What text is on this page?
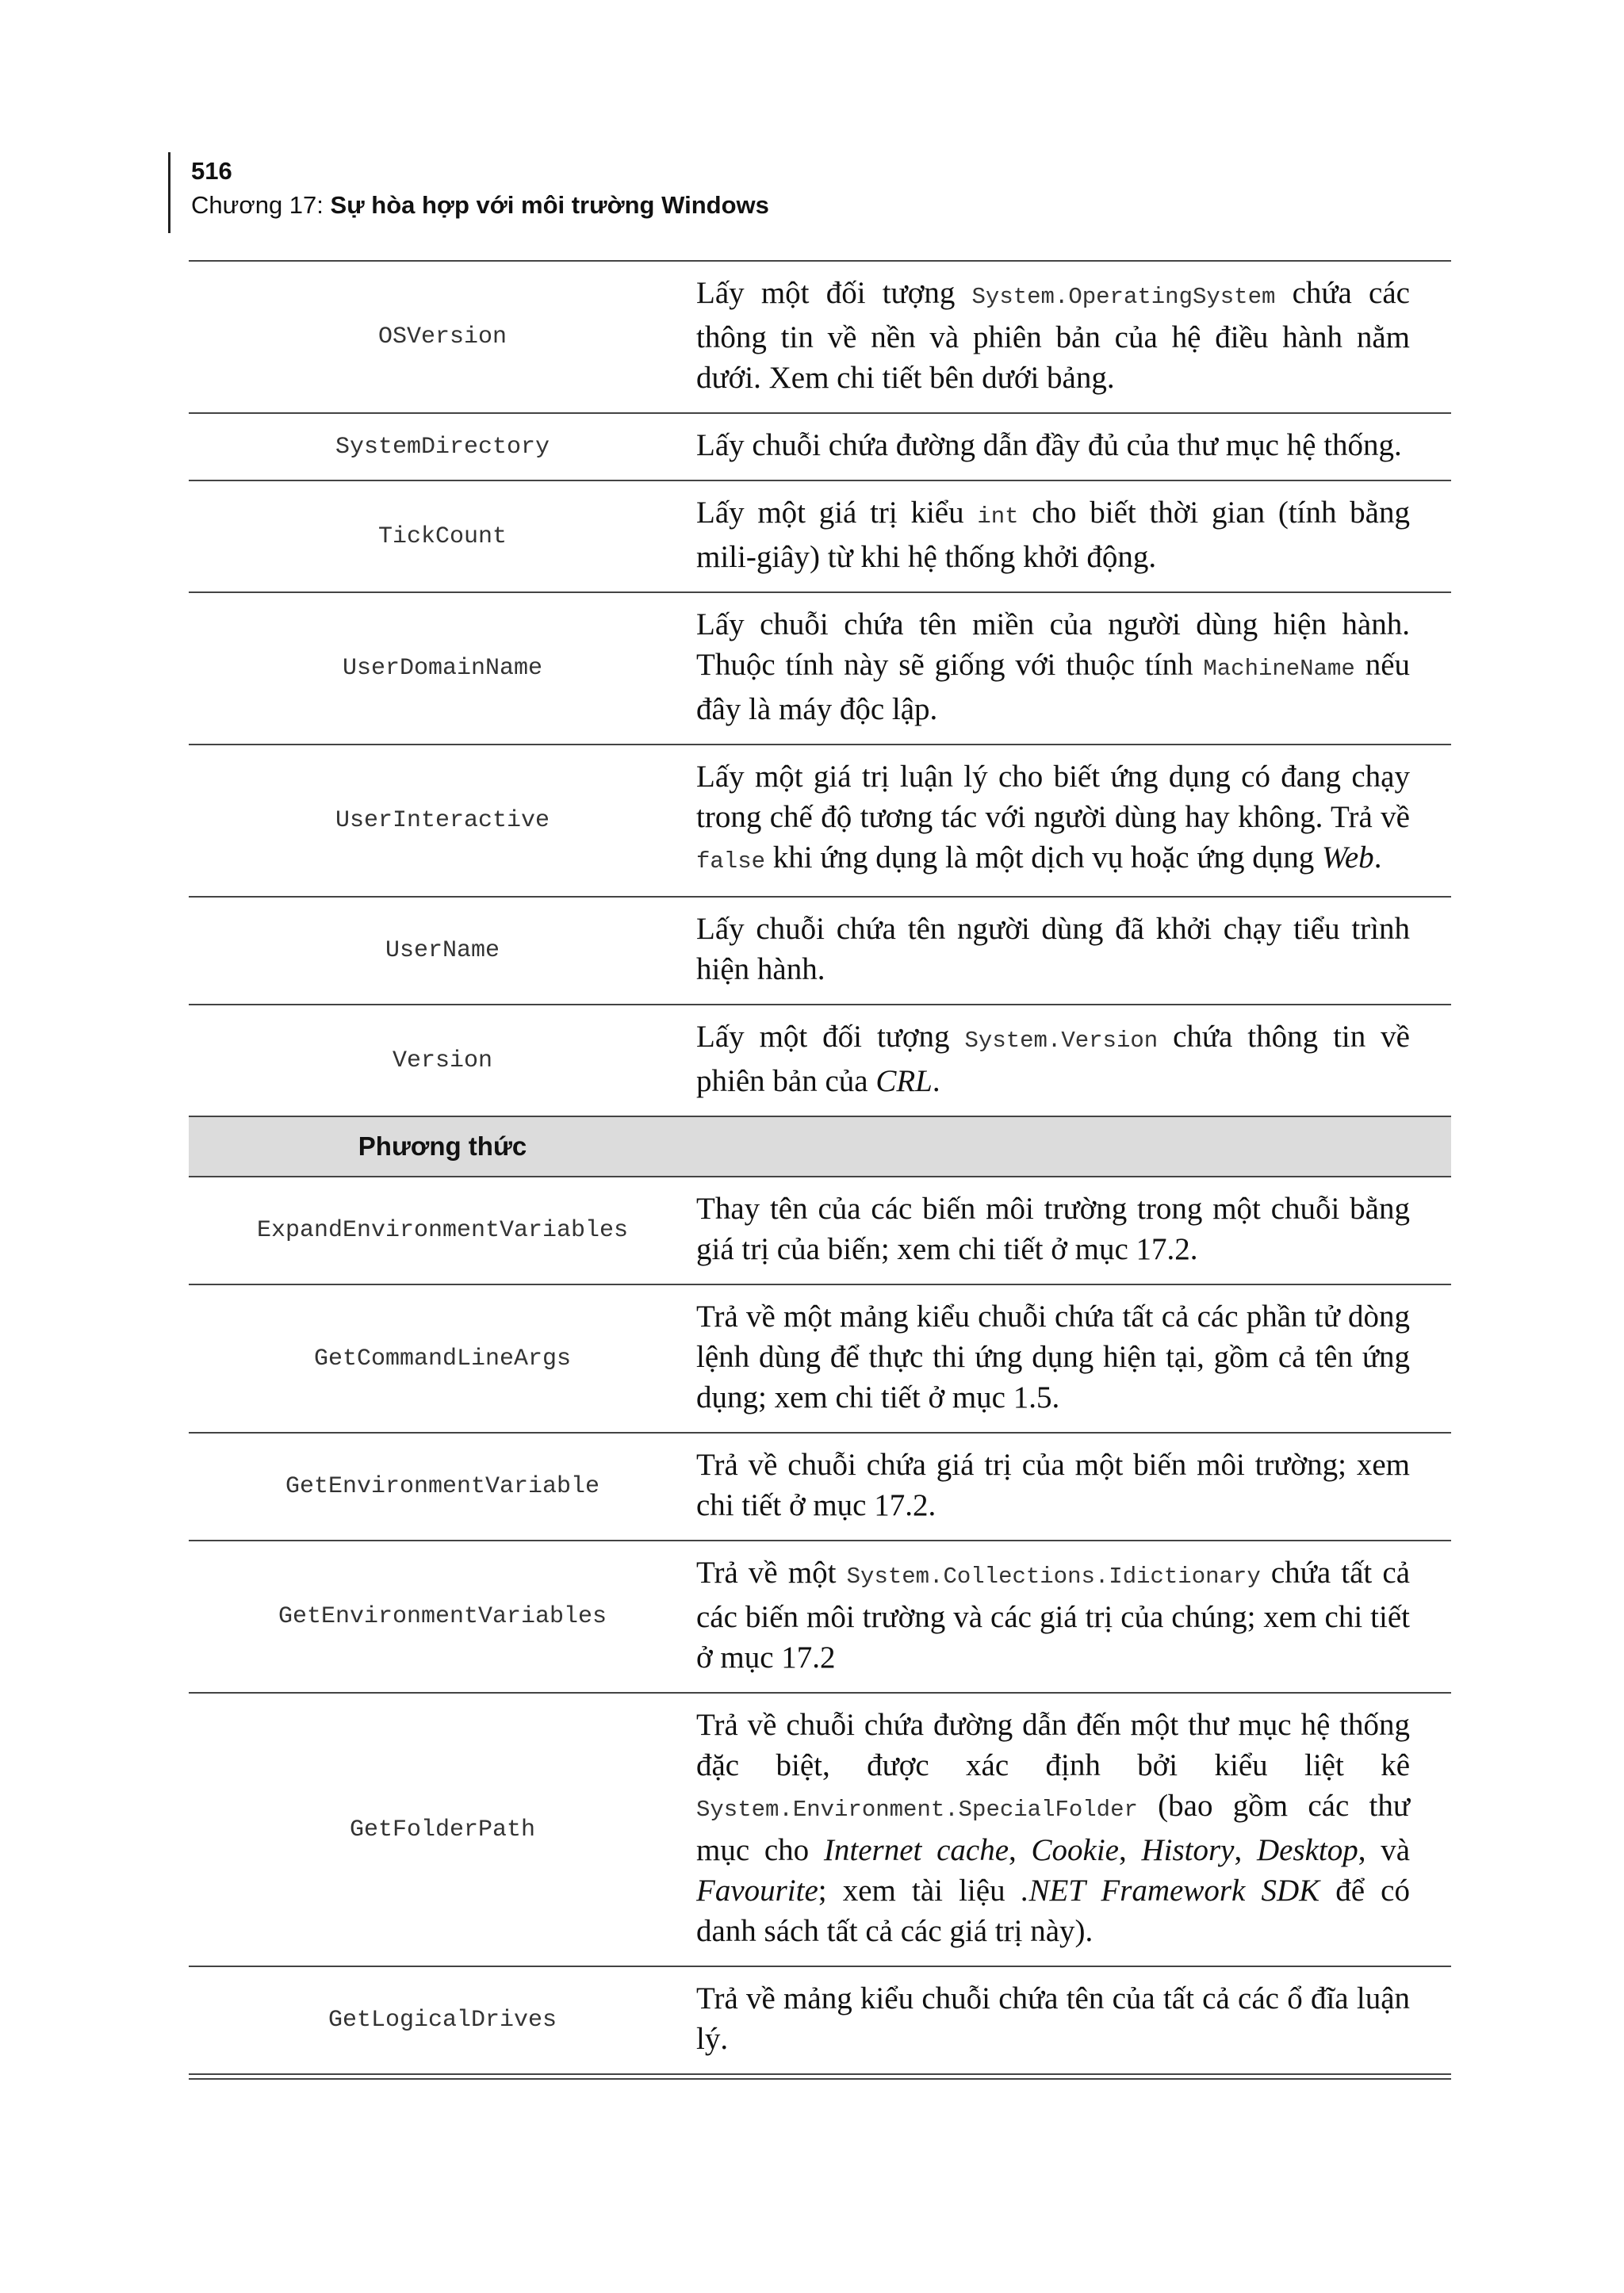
516
Chương 17: Sự hòa hợp với môi trường Windows
OSVersion
Lấy một đối tượng System.OperatingSystem chứa các thông tin về nền và phiên bản của hệ điều hành nằm dưới. Xem chi tiết bên dưới bảng.
SystemDirectory	Lấy chuỗi chứa đường dẫn đầy đủ của thư mục hệ thống.
TickCount
Lấy một giá trị kiểu int cho biết thời gian (tính bằng mili-giây) từ khi hệ thống khởi động.
UserDomainName
Lấy chuỗi chứa tên miền của người dùng hiện hành. Thuộc tính này sẽ giống với thuộc tính MachineName nếu đây là máy độc lập.
UserInteractive
Lấy một giá trị luận lý cho biết ứng dụng có đang chạy trong chế độ tương tác với người dùng hay không. Trả về false khi ứng dụng là một dịch vụ hoặc ứng dụng Web.
UserName
Lấy chuỗi chứa tên người dùng đã khởi chạy tiểu trình hiện hành.
Version
Lấy một đối tượng System.Version chứa thông tin về phiên bản của CRL.
Phương thức
ExpandEnvironmentVariables
Thay tên của các biến môi trường trong một chuỗi bằng giá trị của biến; xem chi tiết ở mục 17.2.
GetCommandLineArgs
Trả về một mảng kiểu chuỗi chứa tất cả các phần tử dòng lệnh dùng để thực thi ứng dụng hiện tại, gồm cả tên ứng dụng; xem chi tiết ở mục 1.5.
GetEnvironmentVariable
Trả về chuỗi chứa giá trị của một biến môi trường; xem chi tiết ở mục 17.2.
GetEnvironmentVariables
Trả về một System.Collections.Idictionary chứa tất cả các biến môi trường và các giá trị của chúng; xem chi tiết ở mục 17.2
GetFolderPath
Trả về chuỗi chứa đường dẫn đến một thư mục hệ thống đặc biệt, được xác định bởi kiểu liệt kê System.Environment.SpecialFolder (bao gồm các thư mục cho Internet cache, Cookie, History, Desktop, và Favourite; xem tài liệu .NET Framework SDK để có danh sách tất cả các giá trị này).
GetLogicalDrives
Trả về mảng kiểu chuỗi chứa tên của tất cả các ổ đĩa luận lý.
